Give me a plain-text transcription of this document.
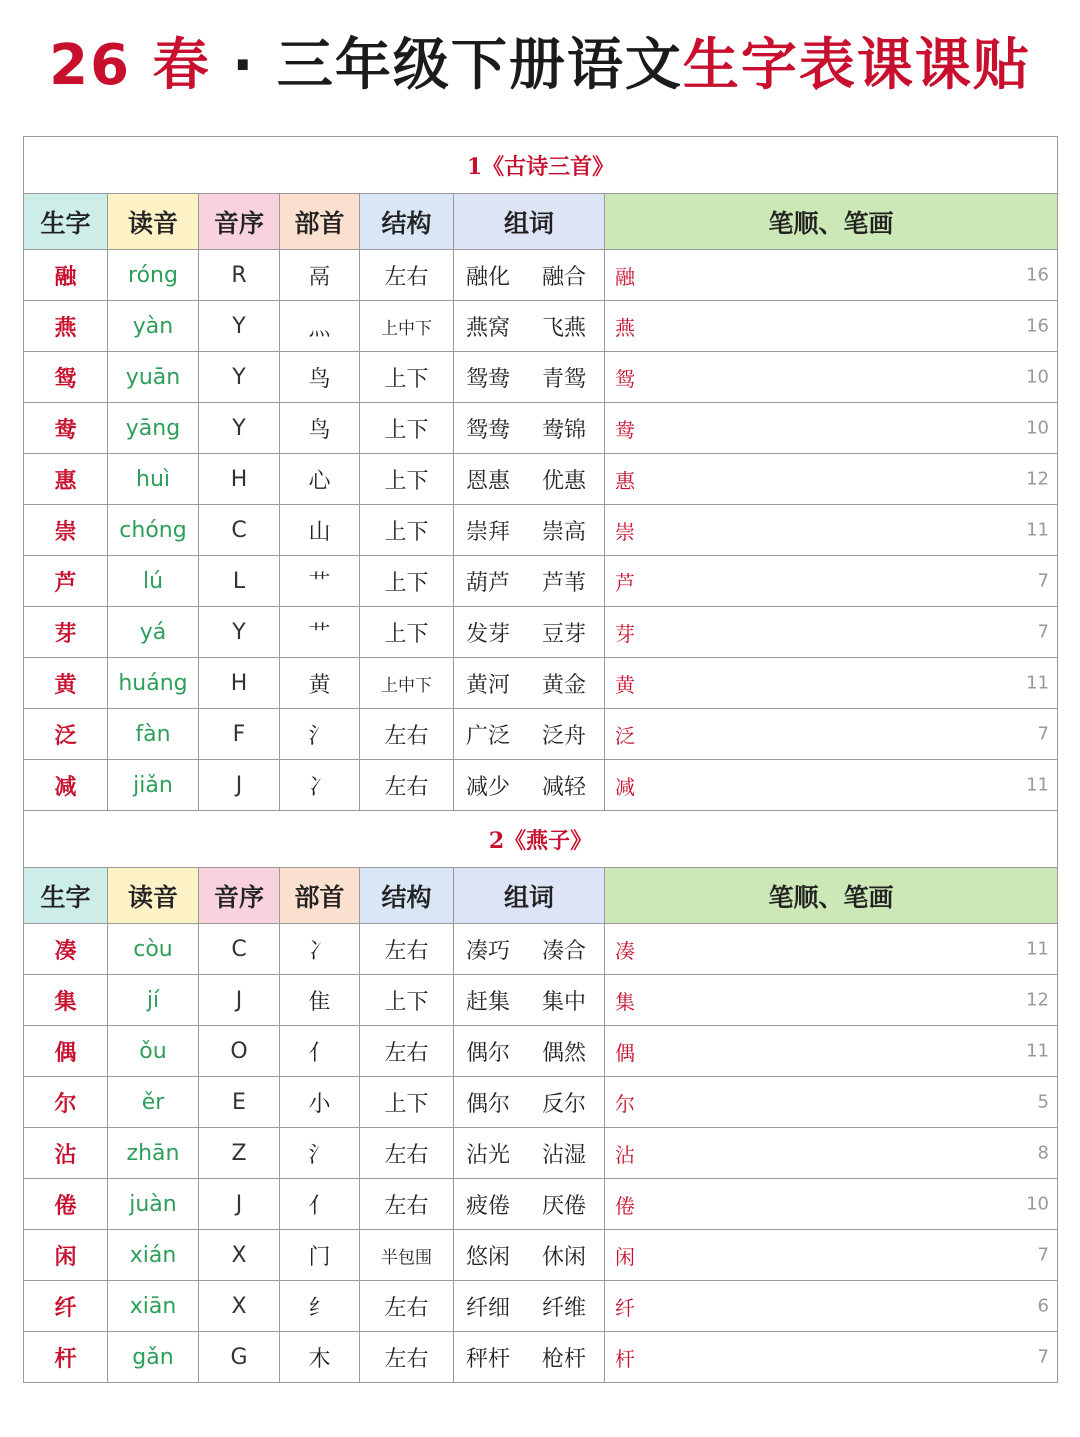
26 春 · 三年级下册语文生字表课课贴
1《古诗三首》						
生字	读音	音序	部首	结构	组词	笔顺、笔画
融	róng	R	鬲	左右	融化 融合	融 16

燕	yàn	Y	灬	上中下	燕窝 飞燕	燕 16

鸳	yuān	Y	鸟	上下	鸳鸯 青鸳	鸳 10

鸯	yāng	Y	鸟	上下	鸳鸯 鸯锦	鸯 10

惠	huì	H	心	上下	恩惠 优惠	惠 12

崇	chóng	C	山	上下	崇拜 崇高	崇 11

芦	lú	L	艹	上下	葫芦 芦苇	芦 7

芽	yá	Y	艹	上下	发芽 豆芽	芽 7

黄	huáng	H	黄	上中下	黄河 黄金	黄 11

泛	fàn	F	氵	左右	广泛 泛舟	泛 7

减	jiǎn	J	冫	左右	减少 减轻	减 11

2《燕子》						
生字	读音	音序	部首	结构	组词	笔顺、笔画
凑	còu	C	冫	左右	凑巧 凑合	凑 11

集	jí	J	隹	上下	赶集 集中	集 12

偶	ǒu	O	亻	左右	偶尔 偶然	偶 11

尔	ěr	E	小	上下	偶尔 反尔	尔 5

沾	zhān	Z	氵	左右	沾光 沾湿	沾 8

倦	juàn	J	亻	左右	疲倦 厌倦	倦 10

闲	xián	X	门	半包围	悠闲 休闲	闲 7

纤	xiān	X	纟	左右	纤细 纤维	纤 6

杆	gǎn	G	木	左右	秤杆 枪杆	杆 7
